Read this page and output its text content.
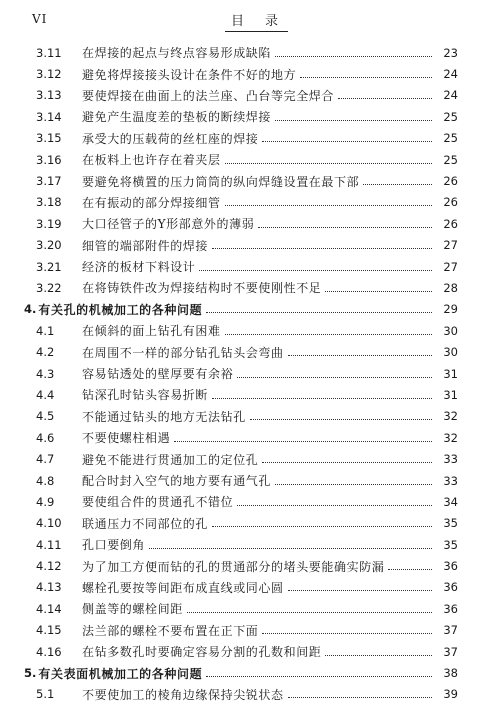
VI	目　录
3.11	在焊接的起点与终点容易形成缺陷	23
3.12	避免将焊接接头设计在条件不好的地方	24
3.13	要使焊接在曲面上的法兰座、凸台等完全焊合	24
3.14	避免产生温度差的垫板的断续焊接	25
3.15	承受大的压载荷的丝杠座的焊接	25
3.16	在板料上也许存在着夹层	25
3.17	要避免将横置的压力筒筒的纵向焊缝设置在最下部	26
3.18	在有振动的部分焊接细管	26
3.19	大口径管子的Y形部意外的薄弱	26
3.20	细管的端部附件的焊接	27
3.21	经济的板材下料设计	27
3.22	在将铸铁件改为焊接结构时不要使刚性不足	28
4. 有关孔的机械加工的各种问题	29
4.1	在倾斜的面上钻孔有困难	30
4.2	在周围不一样的部分钻孔钻头会弯曲	30
4.3	容易钻透处的壁厚要有余裕	31
4.4	钻深孔时钻头容易折断	31
4.5	不能通过钻头的地方无法钻孔	32
4.6	不要使螺柱相遇	32
4.7	避免不能进行贯通加工的定位孔	33
4.8	配合时封入空气的地方要有通气孔	33
4.9	要使组合件的贯通孔不错位	34
4.10	联通压力不同部位的孔	35
4.11	孔口要倒角	35
4.12	为了加工方便而钻的孔的贯通部分的堵头要能确实防漏	36
4.13	螺栓孔要按等间距布成直线或同心圆	36
4.14	侧盖等的螺栓间距	36
4.15	法兰部的螺栓不要布置在正下面	37
4.16	在钻多数孔时要确定容易分割的孔数和间距	37
5. 有关表面机械加工的各种问题	38
5.1	不要使加工的棱角边缘保持尖锐状态	39
